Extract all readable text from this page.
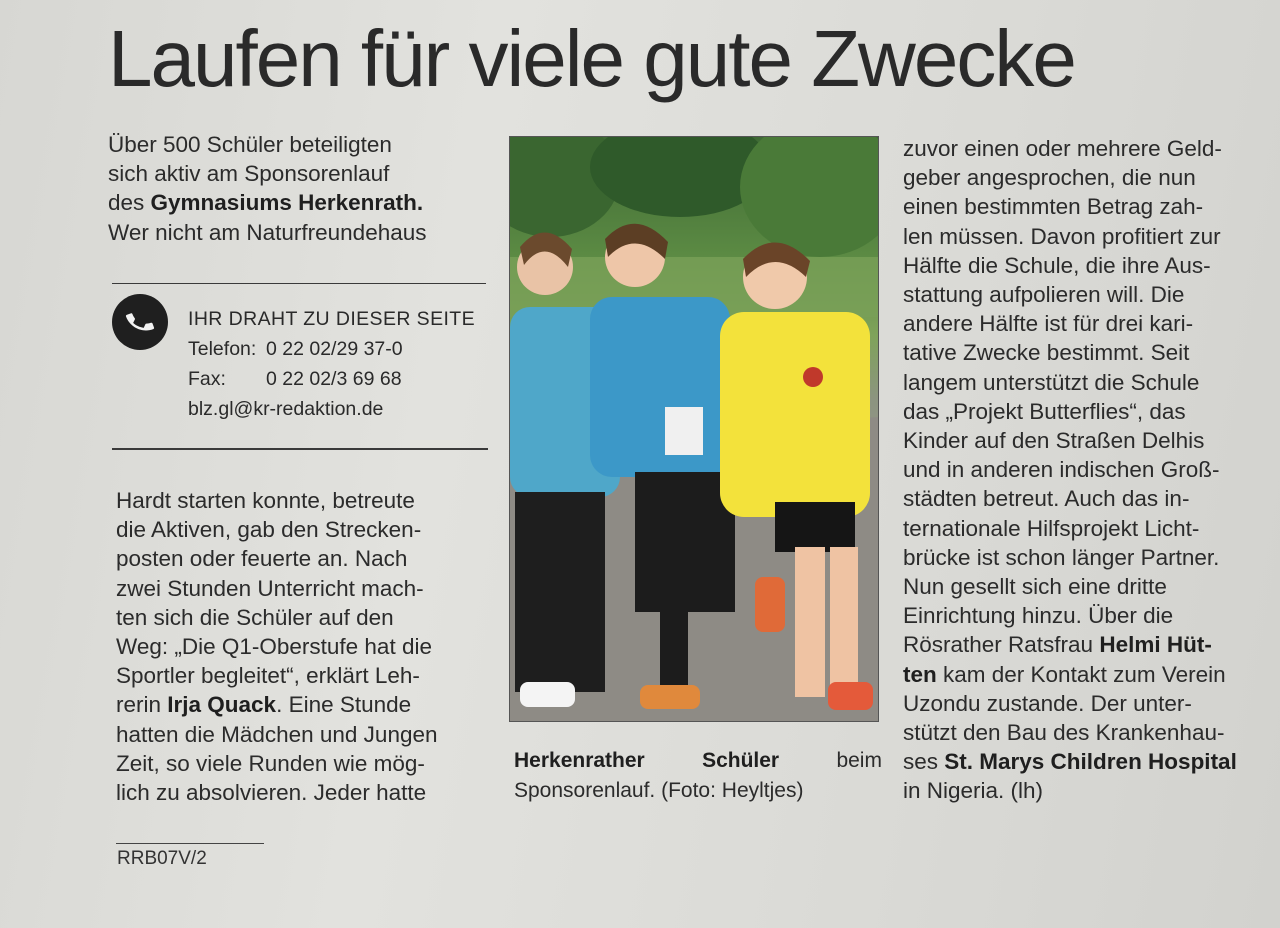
Laufen für viele gute Zwecke
Über 500 Schüler beteiligten
sich aktiv am Sponsorenlauf
des Gymnasiums Herkenrath.
Wer nicht am Naturfreundehaus
IHR DRAHT ZU DIESER SEITE
Telefon: 0 22 02/29 37-0
Fax: 0 22 02/3 69 68
blz.gl@kr-redaktion.de
Hardt starten konnte, betreute
die Aktiven, gab den Strecken-
posten oder feuerte an. Nach
zwei Stunden Unterricht mach-
ten sich die Schüler auf den
Weg: „Die Q1-Oberstufe hat die
Sportler begleitet“, erklärt Leh-
rerin Irja Quack. Eine Stunde
hatten die Mädchen und Jungen
Zeit, so viele Runden wie mög-
lich zu absolvieren. Jeder hatte
Herkenrather	Schüler	beim
Sponsorenlauf. (Foto: Heyltjes)
zuvor einen oder mehrere Geld-
geber angesprochen, die nun
einen bestimmten Betrag zah-
len müssen. Davon profitiert zur
Hälfte die Schule, die ihre Aus-
stattung aufpolieren will. Die
andere Hälfte ist für drei kari-
tative Zwecke bestimmt. Seit
langem unterstützt die Schule
das „Projekt Butterflies“, das
Kinder auf den Straßen Delhis
und in anderen indischen Groß-
städten betreut. Auch das in-
ternationale Hilfsprojekt Licht-
brücke ist schon länger Partner.
Nun gesellt sich eine dritte
Einrichtung hinzu. Über die
Rösrather Ratsfrau Helmi Hüt-
ten kam der Kontakt zum Verein
Uzondu zustande. Der unter-
stützt den Bau des Krankenhau-
ses St. Marys Children Hospital
in Nigeria. (lh)
RRB07V/2
